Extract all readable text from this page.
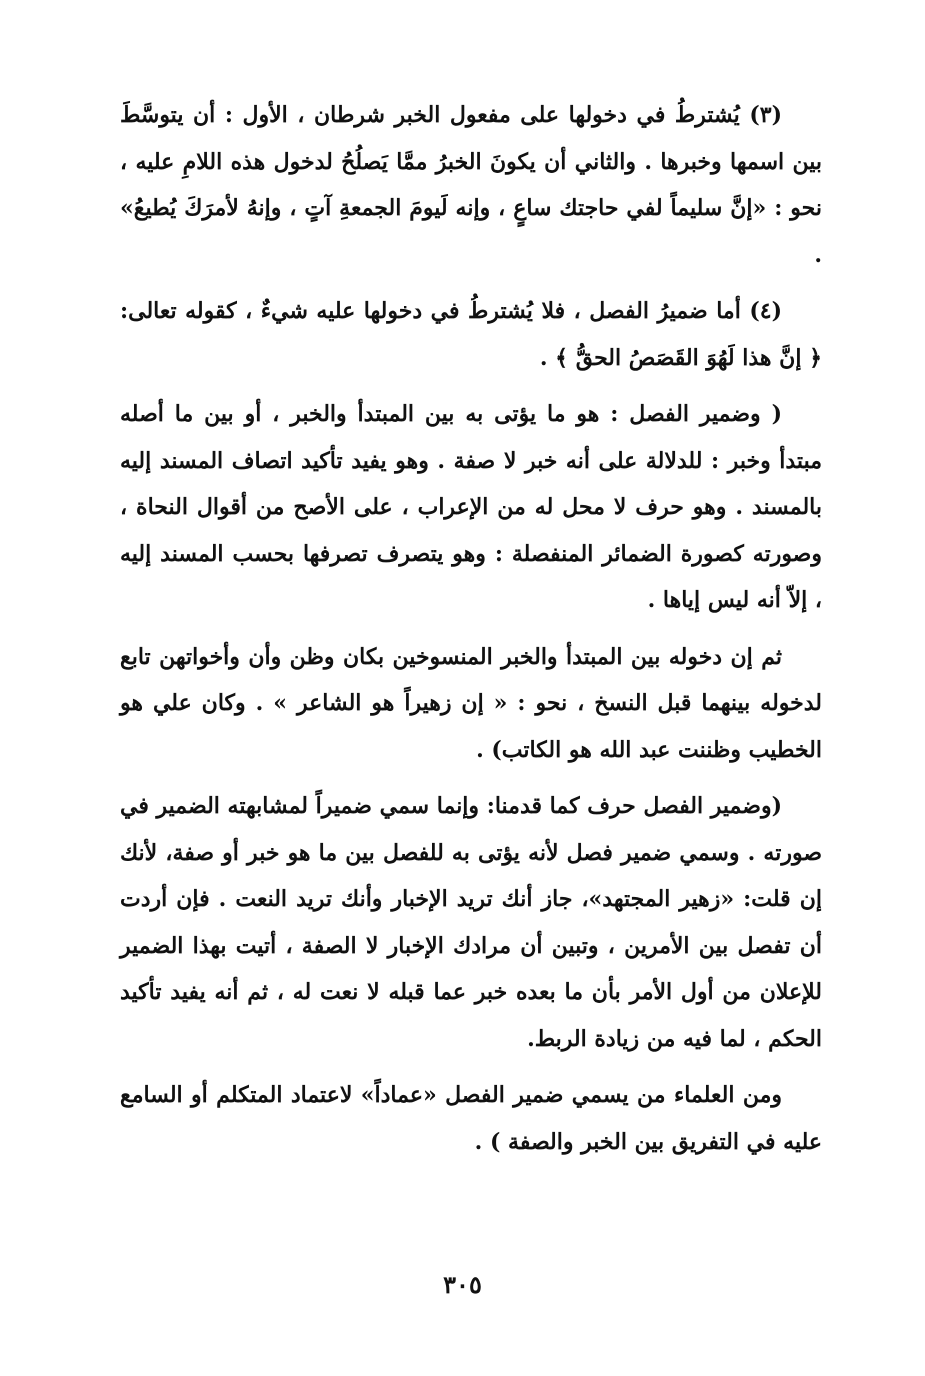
(٣) يُشترطُ في دخولها على مفعول الخبر شرطان ، الأول : أن يتوسَّطَ بين اسمها وخبرها . والثاني أن يكونَ الخبرُ ممَّا يَصلُحُ لدخول هذه اللامِ عليه ، نحو : «إنَّ سليماً لفي حاجتك ساعٍ ، وإنه لَيومَ الجمعةِ آتٍ ، وإنهُ لأمرَكَ يُطيعُ» .

(٤) أما ضميرُ الفصل ، فلا يُشترطُ في دخولها عليه شيءٌ ، كقوله تعالى: ﴿ إنَّ هذا لَهُوَ القَصَصُ الحقُّ ﴾ .

( وضمير الفصل : هو ما يؤتى به بين المبتدأ والخبر ، أو بين ما أصله مبتدأ وخبر : للدلالة على أنه خبر لا صفة . وهو يفيد تأكيد اتصاف المسند إليه بالمسند . وهو حرف لا محل له من الإعراب ، على الأصح من أقوال النحاة ، وصورته كصورة الضمائر المنفصلة : وهو يتصرف تصرفها بحسب المسند إليه ، إلاّ أنه ليس إياها .

ثم إن دخوله بين المبتدأ والخبر المنسوخين بكان وظن وأن وأخواتهن تابع لدخوله بينهما قبل النسخ ، نحو : « إن زهيراً هو الشاعر » . وكان علي هو الخطيب وظننت عبد الله هو الكاتب) .

(وضمير الفصل حرف كما قدمنا: وإنما سمي ضميراً لمشابهته الضمير في صورته . وسمي ضمير فصل لأنه يؤتى به للفصل بين ما هو خبر أو صفة، لأنك إن قلت: «زهير المجتهد»، جاز أنك تريد الإخبار وأنك تريد النعت . فإن أردت أن تفصل بين الأمرين ، وتبين أن مرادك الإخبار لا الصفة ، أتيت بهذا الضمير للإعلان من أول الأمر بأن ما بعده خبر عما قبله لا نعت له ، ثم أنه يفيد تأكيد الحكم ، لما فيه من زيادة الربط.

ومن العلماء من يسمي ضمير الفصل «عماداً» لاعتماد المتكلم أو السامع عليه في التفريق بين الخبر والصفة ) .

٣٠٥
